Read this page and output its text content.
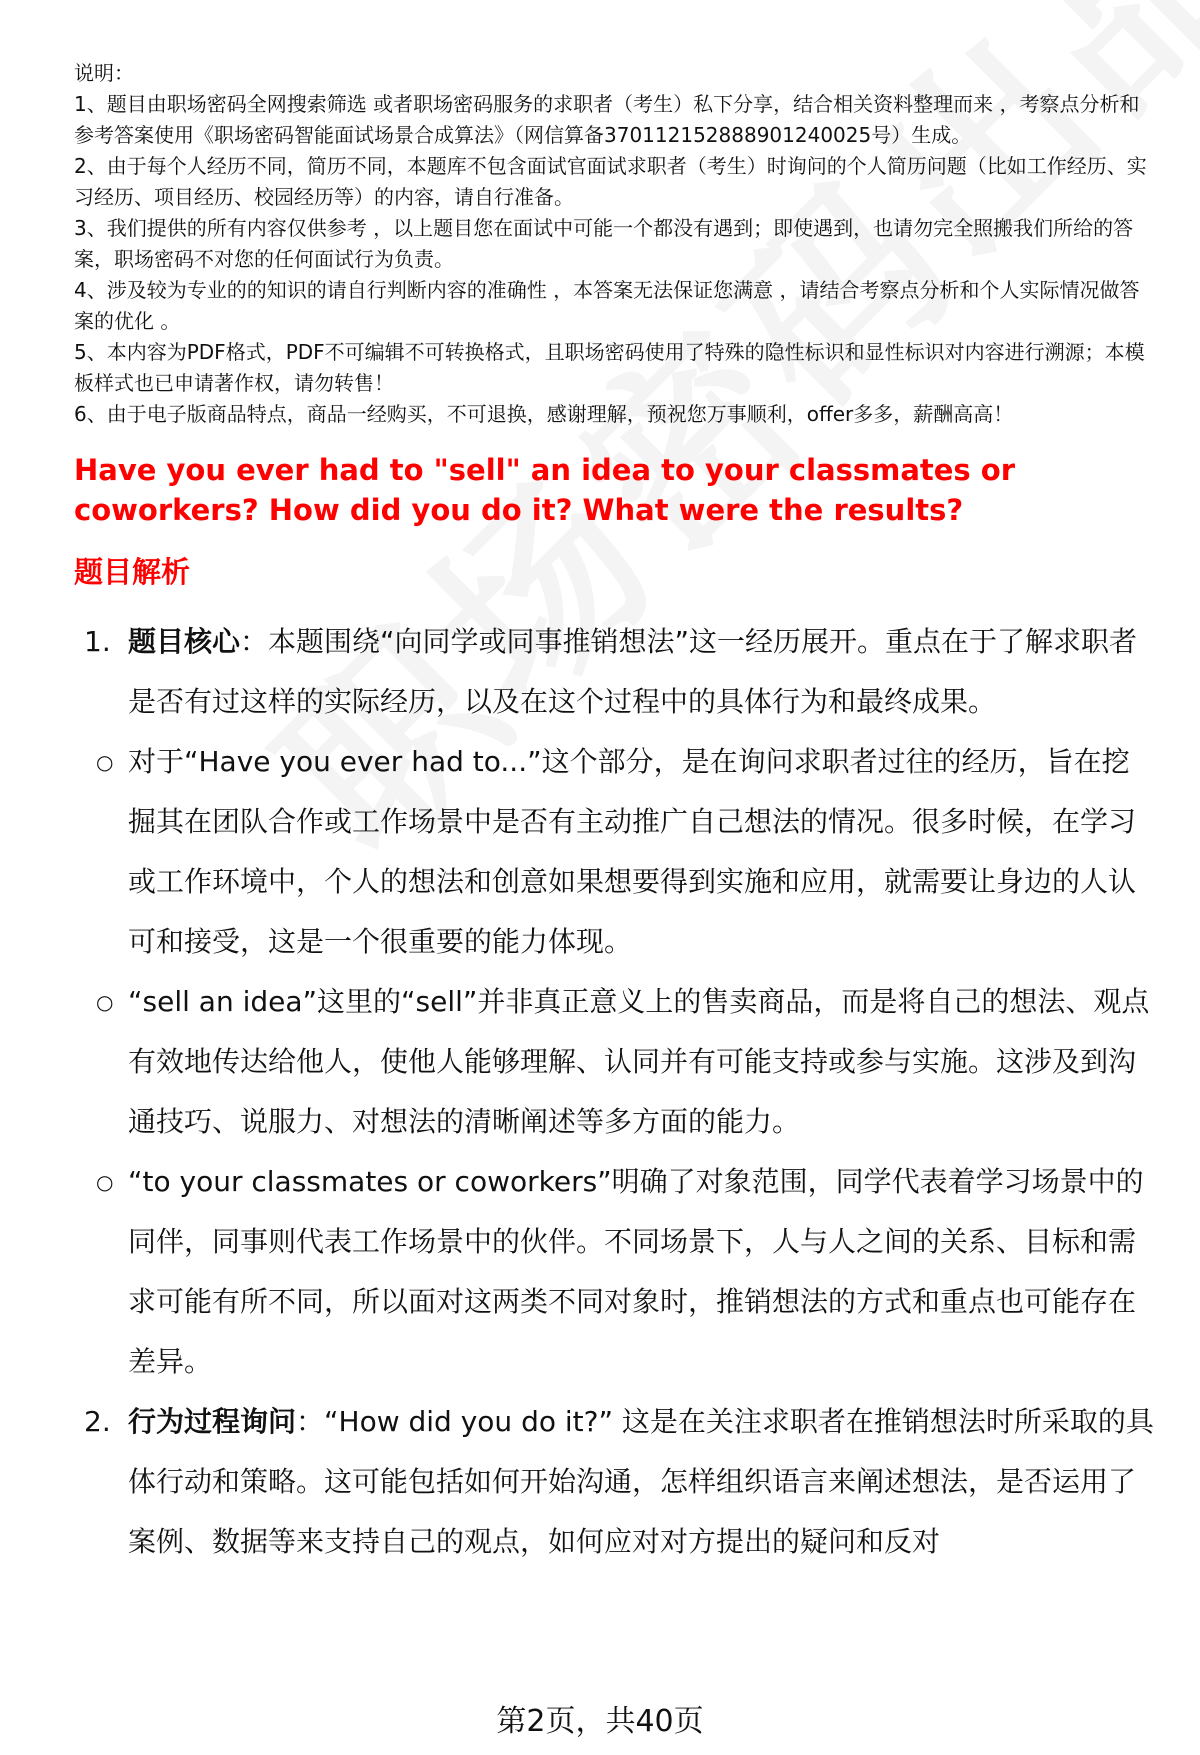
说明：

1、题目由职场密码全网搜索筛选 或者职场密码服务的求职者（考生）私下分享，结合相关资料整理而来 ，考察点分析和参考答案使用《职场密码智能面试场景合成算法》（网信算备370112152888901240025号）生成。

2、由于每个人经历不同，简历不同，本题库不包含面试官面试求职者（考生）时询问的个人简历问题（比如工作经历、实习经历、项目经历、校园经历等）的内容，请自行准备。

3、我们提供的所有内容仅供参考 ，以上题目您在面试中可能一个都没有遇到；即使遇到，也请勿完全照搬我们所给的答案，职场密码不对您的任何面试行为负责。

4、涉及较为专业的的知识的请自行判断内容的准确性 ，本答案无法保证您满意 ，请结合考察点分析和个人实际情况做答案的优化 。

5、本内容为PDF格式，PDF不可编辑不可转换格式，且职场密码使用了特殊的隐性标识和显性标识对内容进行溯源；本模板样式也已申请著作权，请勿转售！

6、由于电子版商品特点，商品一经购买，不可退换，感谢理解，预祝您万事顺利，offer多多，薪酬高高！

Have you ever had to "sell" an idea to your classmates or coworkers? How did you do it? What were the results?
题目解析
1. 题目核心：本题围绕“向同学或同事推销想法”这一经历展开。重点在于了解求职者是否有过这样的实际经历，以及在这个过程中的具体行为和最终成果。
○ 对于“Have you ever had to...”这个部分，是在询问求职者过往的经历，旨在挖掘其在团队合作或工作场景中是否有主动推广自己想法的情况。很多时候，在学习或工作环境中，个人的想法和创意如果想要得到实施和应用，就需要让身边的人认可和接受，这是一个很重要的能力体现。
○ “sell an idea”这里的“sell”并非真正意义上的售卖商品，而是将自己的想法、观点有效地传达给他人，使他人能够理解、认同并有可能支持或参与实施。这涉及到沟通技巧、说服力、对想法的清晰阐述等多方面的能力。
○ “to your classmates or coworkers”明确了对象范围，同学代表着学习场景中的同伴，同事则代表工作场景中的伙伴。不同场景下，人与人之间的关系、目标和需求可能有所不同，所以面对这两类不同对象时，推销想法的方式和重点也可能存在差异。
2. 行为过程询问：“How did you do it?” 这是在关注求职者在推销想法时所采取的具体行动和策略。这可能包括如何开始沟通，怎样组织语言来阐述想法，是否运用了案例、数据等来支持自己的观点，如何应对对方提出的疑问和反对
第2页，共40页
